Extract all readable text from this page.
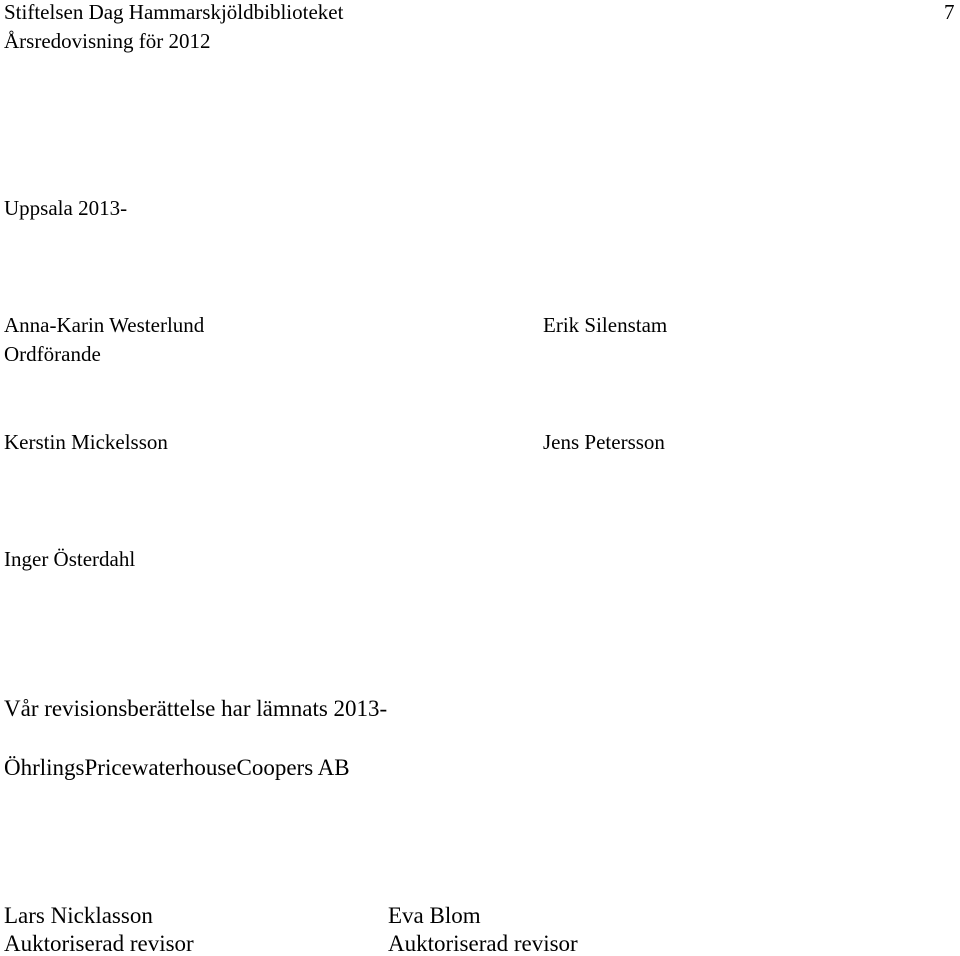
Stiftelsen Dag Hammarskjöldbiblioteket
Årsredovisning för 2012
7
Uppsala 2013-
Anna-Karin Westerlund
Ordförande
Erik Silenstam
Kerstin Mickelsson	Jens Petersson
Inger Österdahl
Vår revisionsberättelse har lämnats 2013-
ÖhrlingsPricewaterhouseCoopers AB
Lars Nicklasson
Auktoriserad revisor
Eva Blom
Auktoriserad revisor
